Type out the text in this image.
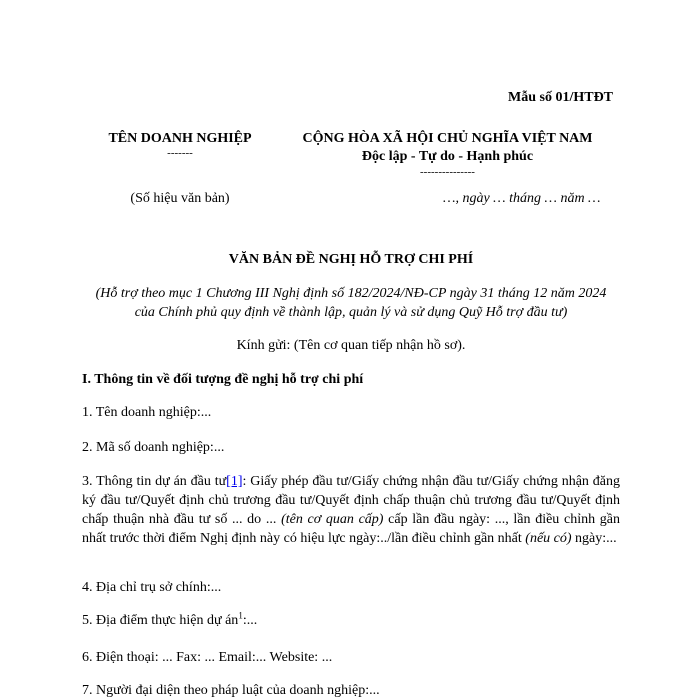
Mẫu số 01/HTĐT
TÊN DOANH NGHIỆP
-------
CỘNG HÒA XÃ HỘI CHỦ NGHĨA VIỆT NAM
Độc lập - Tự do - Hạnh phúc
---------------
(Số hiệu văn bản)	…, ngày … tháng … năm …
VĂN BẢN ĐỀ NGHỊ HỖ TRỢ CHI PHÍ
(Hỗ trợ theo mục 1 Chương III Nghị định số 182/2024/NĐ-CP ngày 31 tháng 12 năm 2024 của Chính phủ quy định về thành lập, quản lý và sử dụng Quỹ Hỗ trợ đầu tư)
Kính gửi: (Tên cơ quan tiếp nhận hồ sơ).
I. Thông tin về đối tượng đề nghị hỗ trợ chi phí
1. Tên doanh nghiệp:...
2. Mã số doanh nghiệp:...
3. Thông tin dự án đầu tư[1]: Giấy phép đầu tư/Giấy chứng nhận đầu tư/Giấy chứng nhận đăng ký đầu tư/Quyết định chủ trương đầu tư/Quyết định chấp thuận chủ trương đầu tư/Quyết định chấp thuận nhà đầu tư số ... do ... (tên cơ quan cấp) cấp lần đầu ngày: ..., lần điều chỉnh gần nhất trước thời điểm Nghị định này có hiệu lực ngày:../lần điều chỉnh gần nhất (nếu có) ngày:...
4. Địa chỉ trụ sở chính:...
5. Địa điểm thực hiện dự $án^1$:...
6. Điện thoại: ... Fax: ... Email:... Website: ...
7. Người đại diện theo pháp luật của doanh nghiệp:...
